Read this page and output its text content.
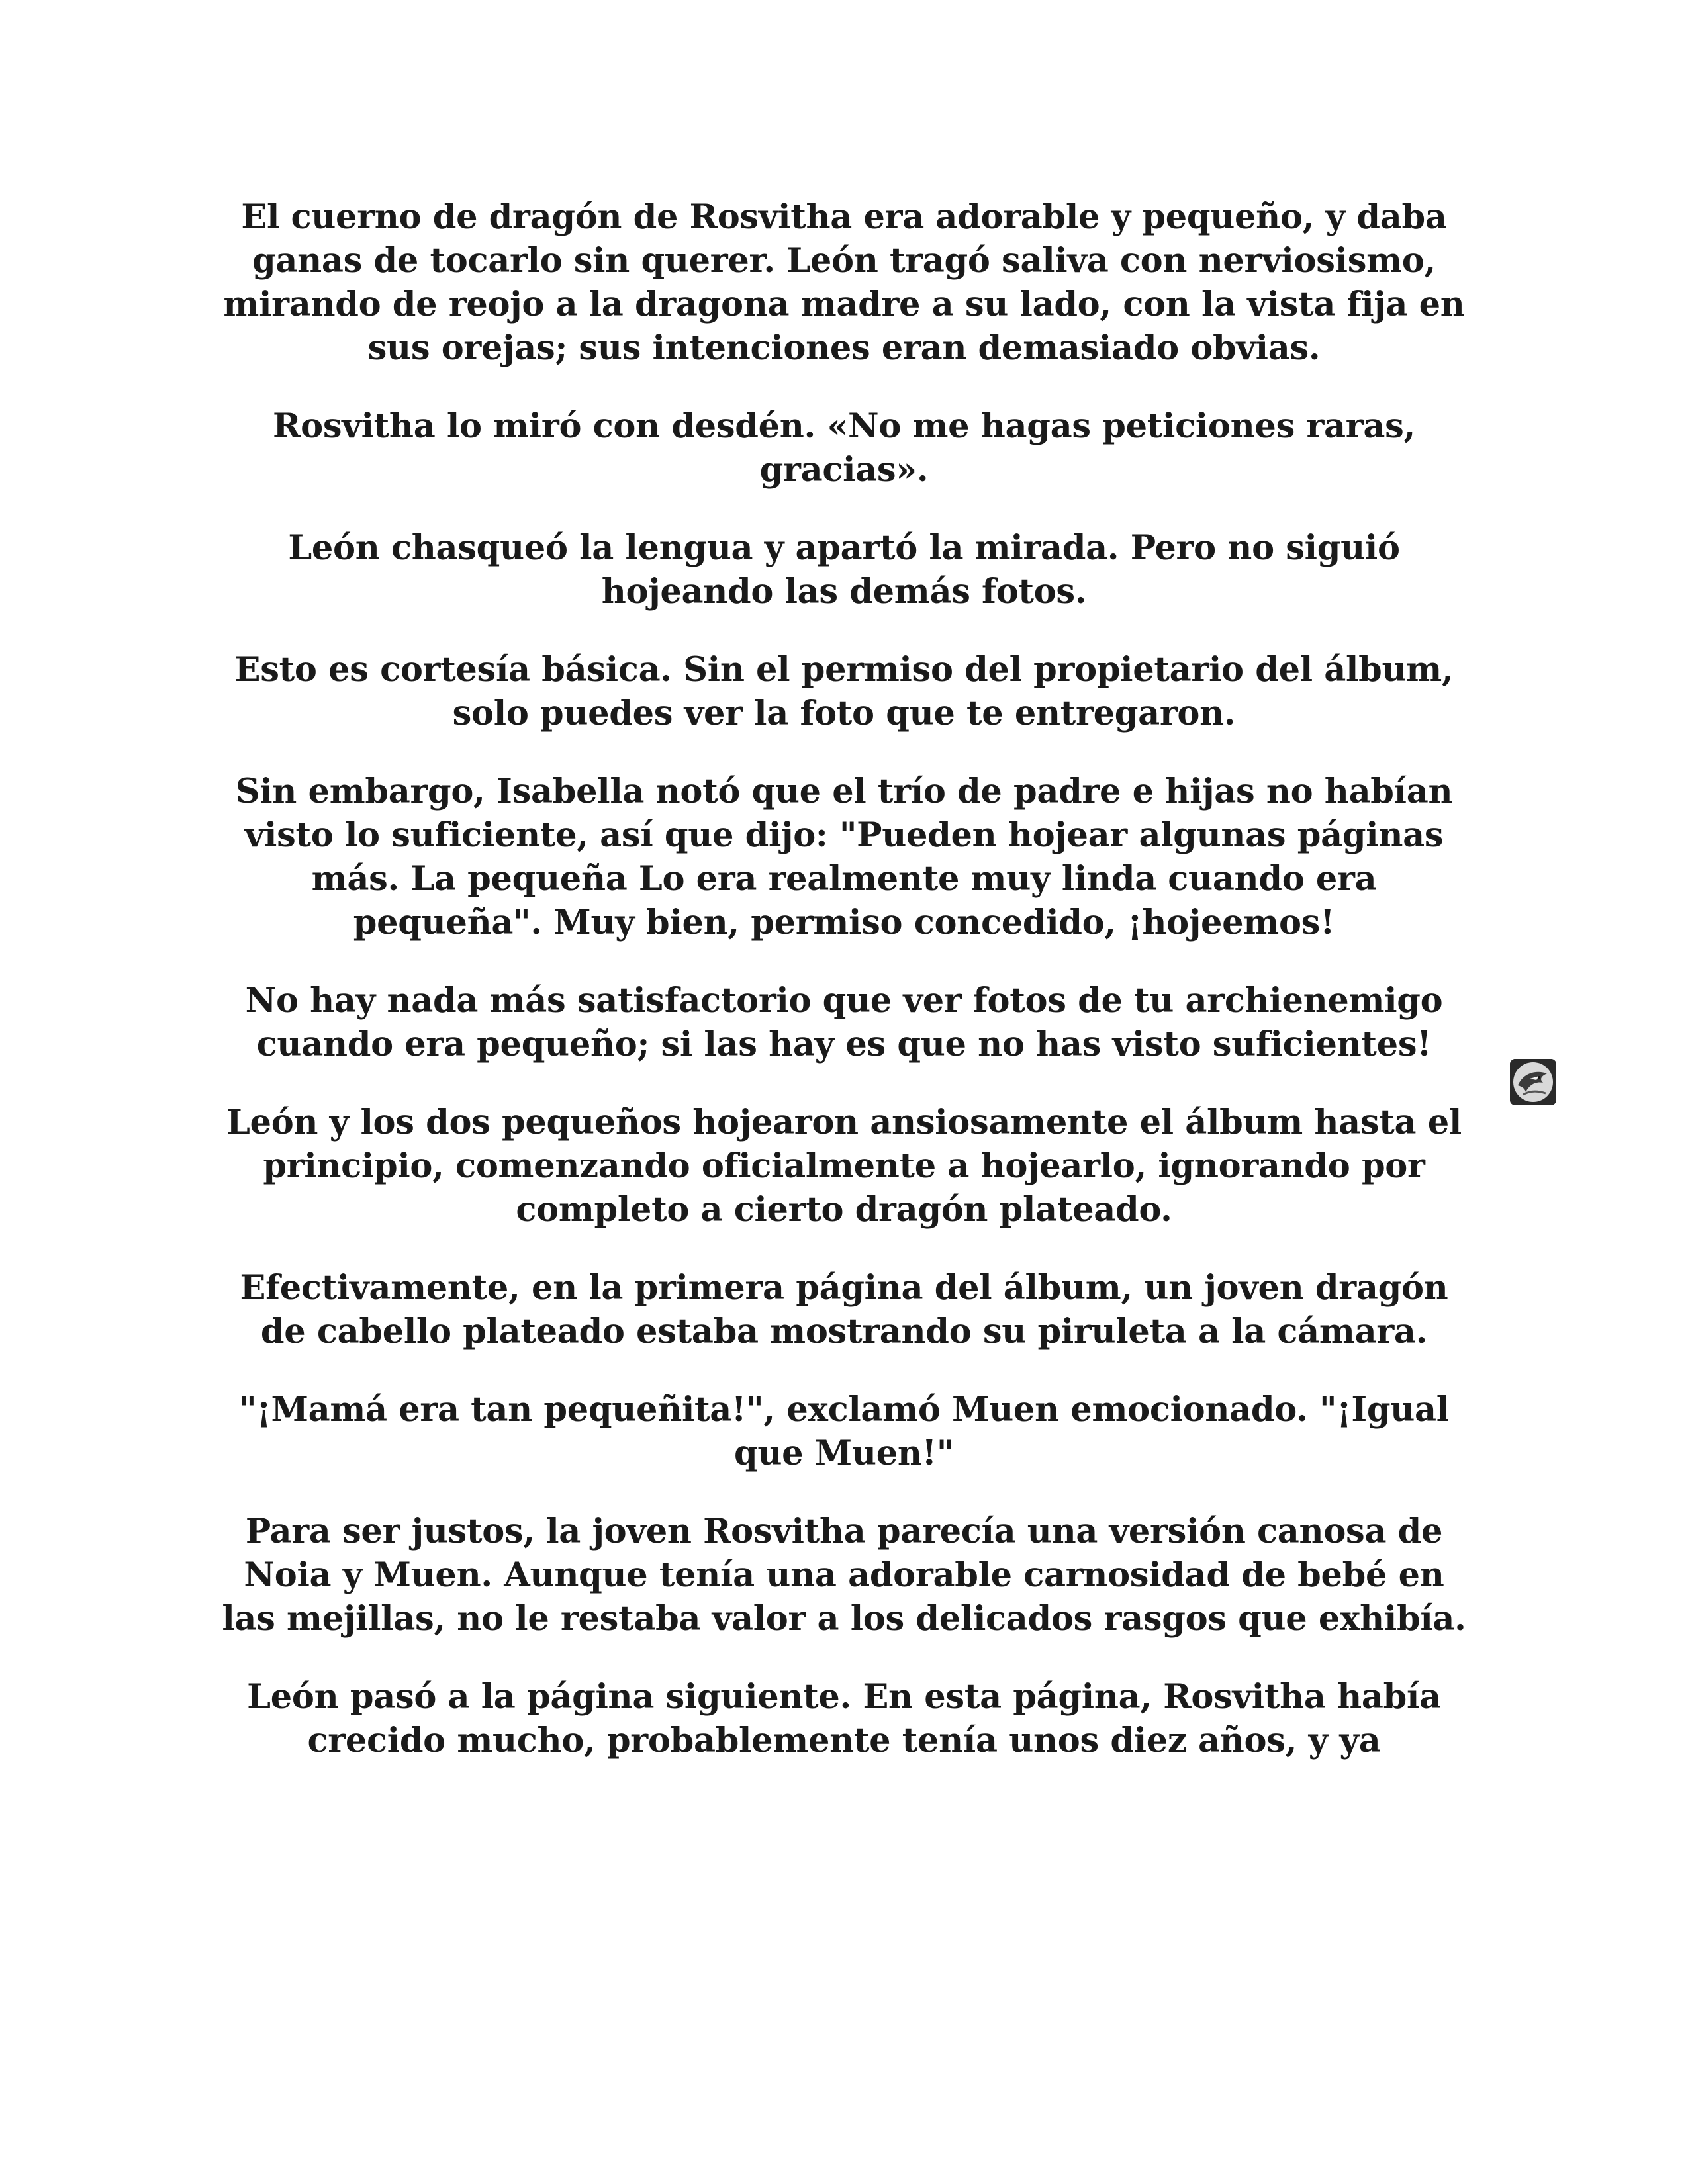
El cuerno de dragón de Rosvitha era adorable y pequeño, y daba ganas de tocarlo sin querer. León tragó saliva con nerviosismo, mirando de reojo a la dragona madre a su lado, con la vista fija en sus orejas; sus intenciones eran demasiado obvias.

Rosvitha lo miró con desdén. «No me hagas peticiones raras, gracias».

León chasqueó la lengua y apartó la mirada. Pero no siguió hojeando las demás fotos.

Esto es cortesía básica. Sin el permiso del propietario del álbum, solo puedes ver la foto que te entregaron.

Sin embargo, Isabella notó que el trío de padre e hijas no habían visto lo suficiente, así que dijo: "Pueden hojear algunas páginas más. La pequeña Lo era realmente muy linda cuando era pequeña". Muy bien, permiso concedido, ¡hojeemos!

No hay nada más satisfactorio que ver fotos de tu archienemigo cuando era pequeño; si las hay es que no has visto suficientes!

León y los dos pequeños hojearon ansiosamente el álbum hasta el principio, comenzando oficialmente a hojearlo, ignorando por completo a cierto dragón plateado.

Efectivamente, en la primera página del álbum, un joven dragón de cabello plateado estaba mostrando su piruleta a la cámara.

"¡Mamá era tan pequeñita!", exclamó Muen emocionado. "¡Igual que Muen!"

Para ser justos, la joven Rosvitha parecía una versión canosa de Noia y Muen. Aunque tenía una adorable carnosidad de bebé en las mejillas, no le restaba valor a los delicados rasgos que exhibía.

León pasó a la página siguiente. En esta página, Rosvitha había crecido mucho, probablemente tenía unos diez años, y ya
